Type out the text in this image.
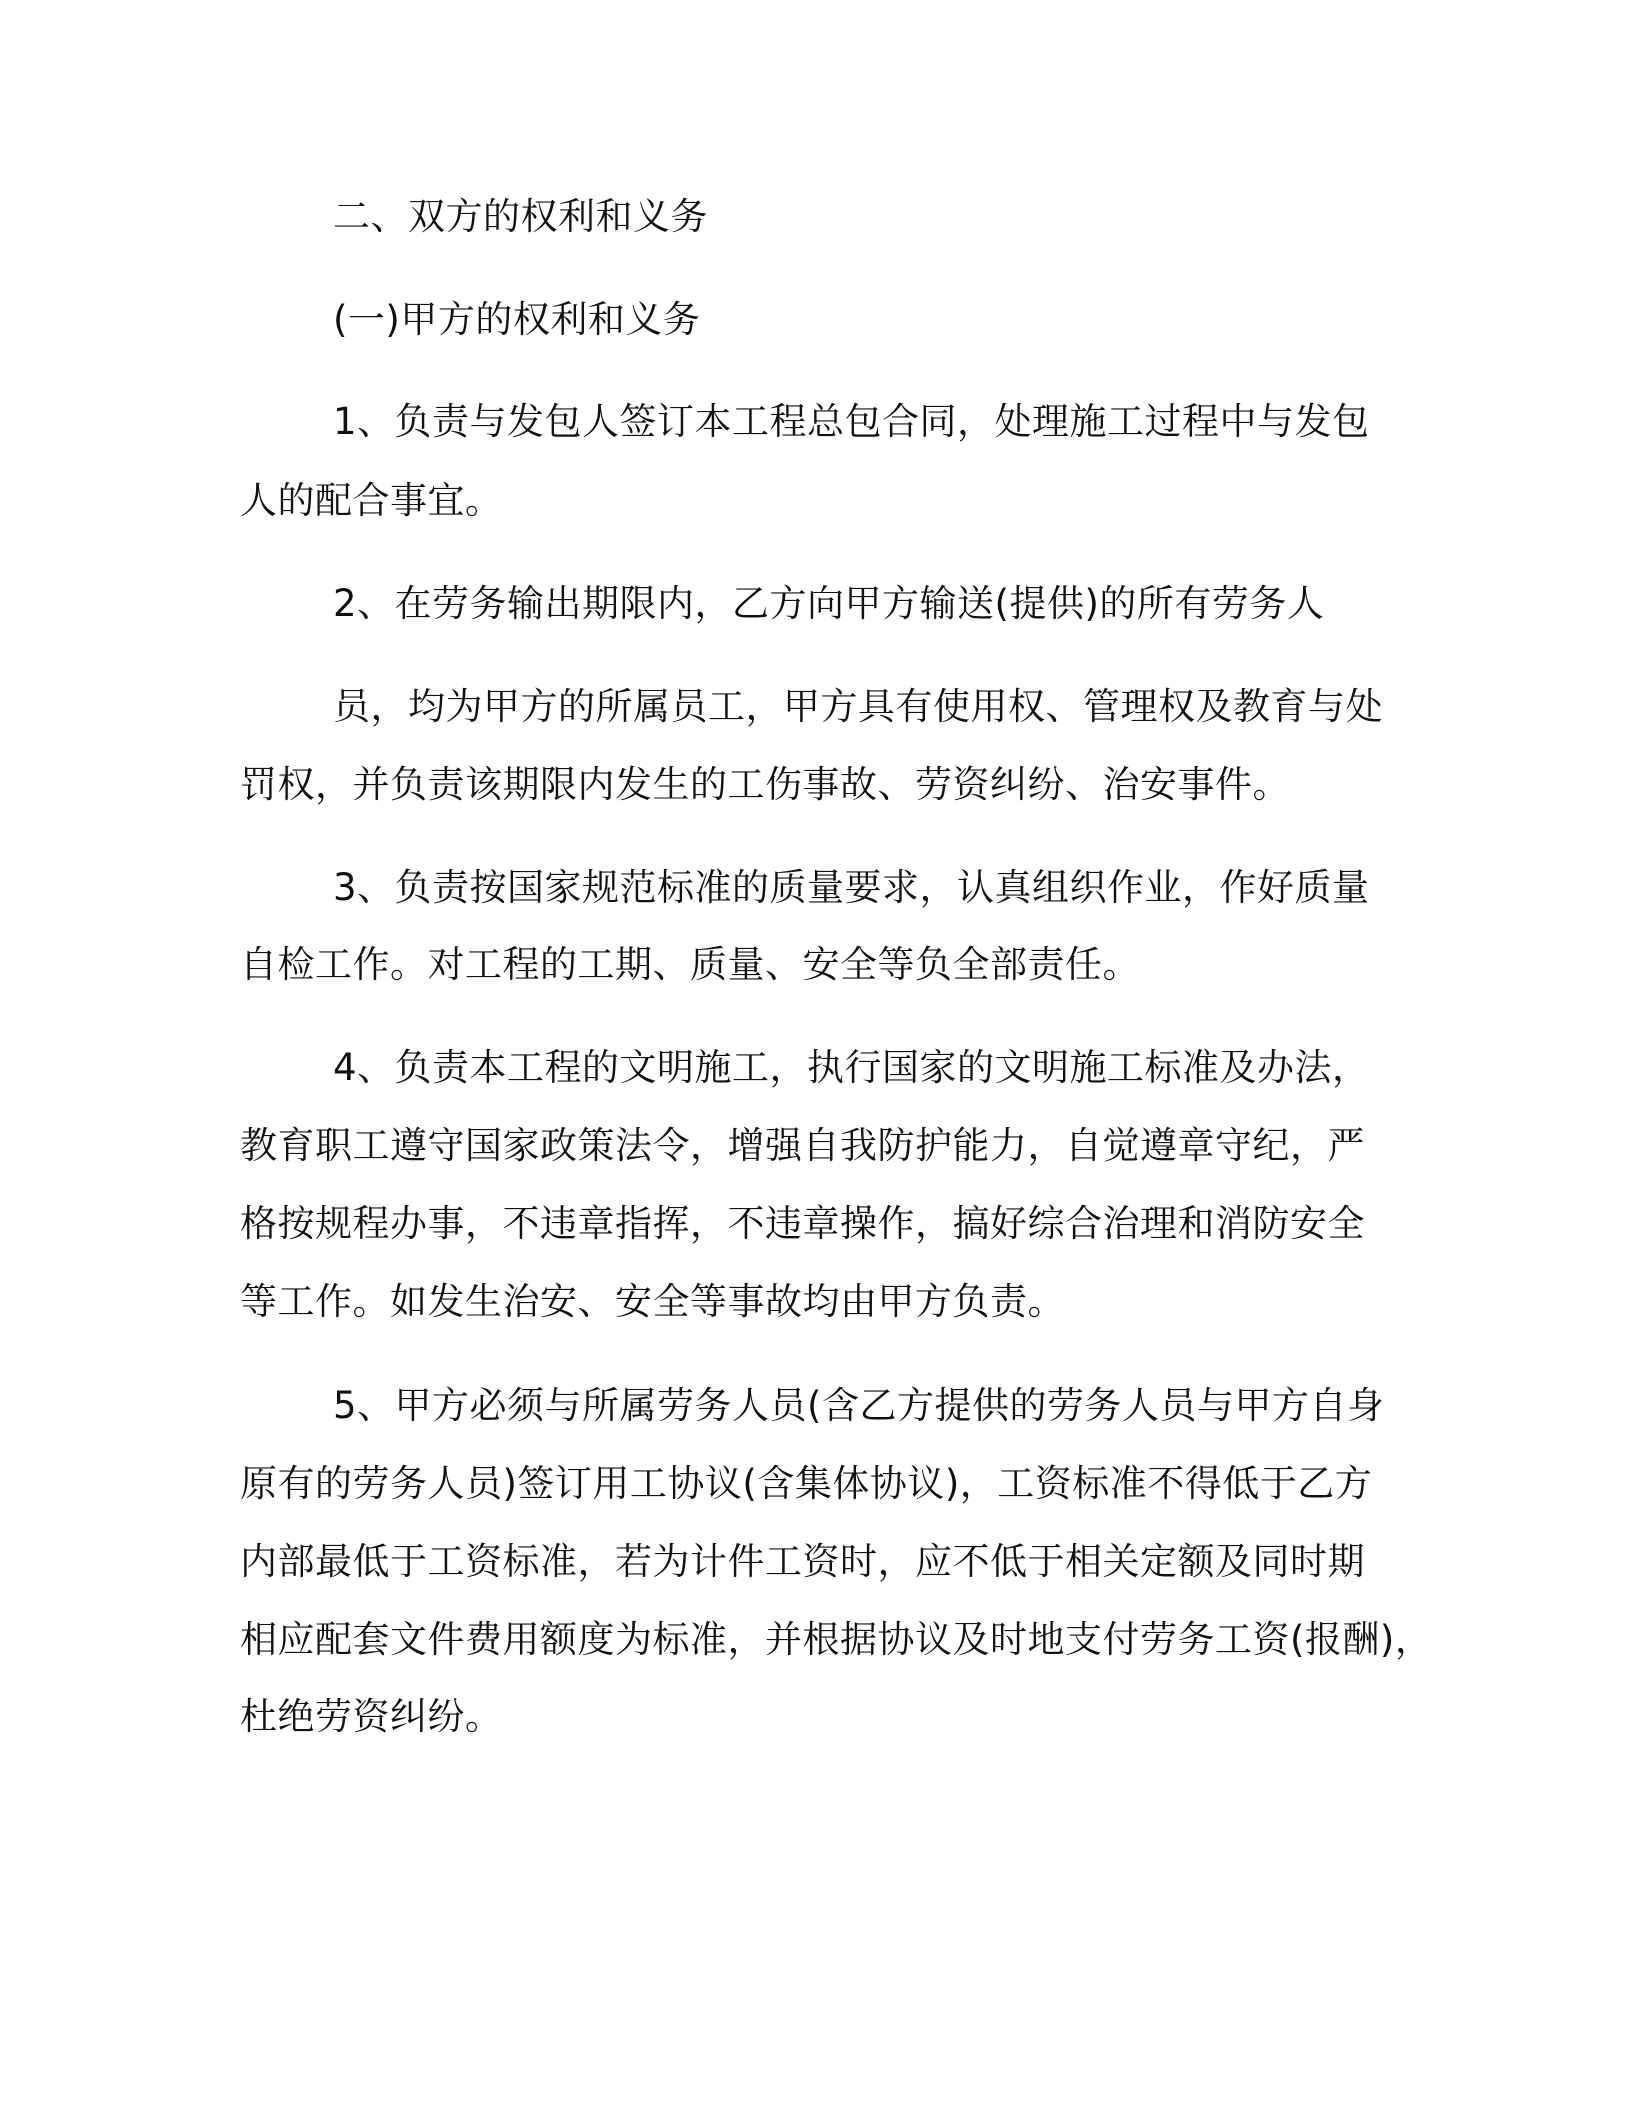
二、双方的权利和义务
(一)甲方的权利和义务
1、负责与发包人签订本工程总包合同，处理施工过程中与发包
人的配合事宜。
2、在劳务输出期限内，乙方向甲方输送(提供)的所有劳务人
员，均为甲方的所属员工，甲方具有使用权、管理权及教育与处
罚权，并负责该期限内发生的工伤事故、劳资纠纷、治安事件。
3、负责按国家规范标准的质量要求，认真组织作业，作好质量
自检工作。对工程的工期、质量、安全等负全部责任。
4、负责本工程的文明施工，执行国家的文明施工标准及办法，
教育职工遵守国家政策法令，增强自我防护能力，自觉遵章守纪，严
格按规程办事，不违章指挥，不违章操作，搞好综合治理和消防安全
等工作。如发生治安、安全等事故均由甲方负责。
5、甲方必须与所属劳务人员(含乙方提供的劳务人员与甲方自身
原有的劳务人员)签订用工协议(含集体协议)，工资标准不得低于乙方
内部最低于工资标准，若为计件工资时，应不低于相关定额及同时期
相应配套文件费用额度为标准，并根据协议及时地支付劳务工资(报酬)，
杜绝劳资纠纷。
